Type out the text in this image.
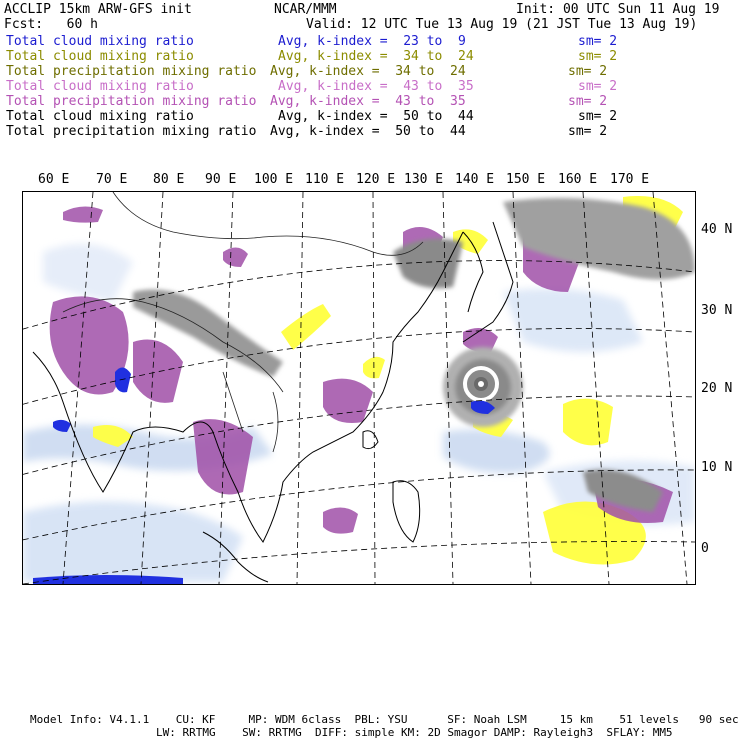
ACCLIP 15km ARW-GFS init	NCAR/MMM	Init: 00 UTC Sun 11 Aug 19
Fcst:   60 h	Valid: 12 UTC Tue 13 Aug 19 (21 JST Tue 13 Aug 19)
Total cloud mixing ratio	Avg, k-index =  23 to  9	sm= 2
Total cloud mixing ratio	Avg, k-index =  34 to  24	sm= 2
Total precipitation mixing ratio Avg, k-index =  34 to  24	sm= 2
Total cloud mixing ratio	Avg, k-index =  43 to  35	sm= 2
Total precipitation mixing ratio Avg, k-index =  43 to  35	sm= 2
Total cloud mixing ratio	Avg, k-index =  50 to  44	sm= 2
Total precipitation mixing ratio Avg, k-index =  50 to  44	sm= 2
60 E 70 E 80 E 90 E 100 E 110 E 120 E 130 E 140 E 150 E 160 E 170 E
40 N
30 N
20 N
10 N
0
Model Info: V4.1.1    CU: KF     MP: WDM 6class  PBL: YSU      SF: Noah LSM     15 km    51 levels   90 sec
LW: RRTMG    SW: RRTMG  DIFF: simple KM: 2D Smagor DAMP: Rayleigh3  SFLAY: MM5
